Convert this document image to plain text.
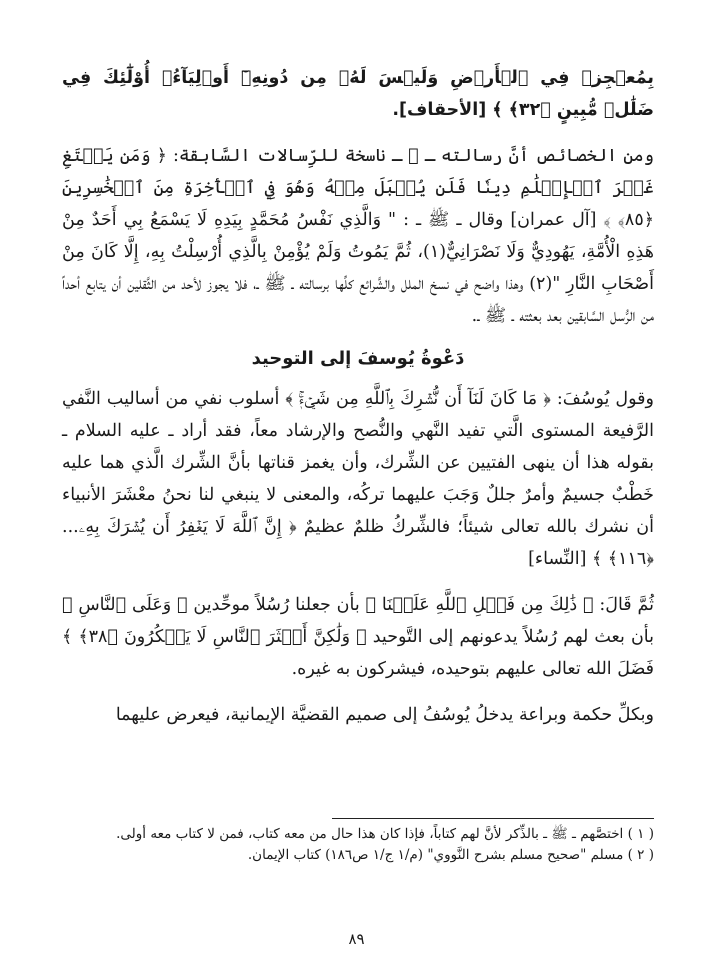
بِمُعۡجِزٖ فِي ٱلۡأَرۡضِ وَلَيۡسَ لَهُۥ مِن دُونِهِۦٓ أَوۡلِيَآءُۚ أُوْلَٰٓئِكَ فِي ضَلَٰلٖ مُّبِينٍ ﴿٣٢﴾ ﴾ [الأحقاف].

ومن الخصائص أنَّ رسالته ـ ﷺ ـ ناسخة للرِّسالات السَّابقة: ﴿ وَمَن يَبۡتَغِ غَيۡرَ ٱلۡإِسۡلَٰمِ دِينٗا فَلَن يُقۡبَلَ مِنۡهُ وَهُوَ فِي ٱلۡأٓخِرَةِ مِنَ ٱلۡخَٰسِرِينَ ﴿٨٥﴾ ﴾ [آل عمران] وقال ـ ﷺ ـ : " وَالَّذِي نَفْسُ مُحَمَّدٍ بِيَدِهِ لَا يَسْمَعُ بِي أَحَدٌ مِنْ هَذِهِ الْأُمَّةِ، يَهُودِيٌّ وَلَا نَصْرَانِيٌّ(١)، ثُمَّ يَمُوتُ وَلَمْ يُؤْمِنْ بِالَّذِي أُرْسِلْتُ بِهِ، إِلَّا كَانَ مِنْ أَصْحَابِ النَّارِ "(٢) وهذا واضح في نسخ الملل والشَّرائع كلِّها برسالته ـ ﷺ ـ، فلا يجوز لأحد من الثَّقلين أن يتابع أحداً من الرُّسل السَّابقين بعد بعثته ـ ﷺ ـ.

دَعْوةُ يُوسفَ إلى التوحيد

وقول يُوسُفَ: ﴿ مَا كَانَ لَنَآ أَن نُّشۡرِكَ بِٱللَّهِ مِن شَيۡءٖۚ ﴾ أسلوب نفي من أساليب النَّفي الرَّفيعة المستوى الَّتي تفيد النَّهي والنُّصح والإرشاد معاً، فقد أراد ـ عليه السلام ـ بقوله هذا أن ينهى الفتيين عن الشِّرك، وأن يغمز قناتها بأنَّ الشِّرك الَّذي هما عليه خَطْبٌ جسيمٌ وأمرٌ جللٌ وَجَبَ عليهما تركُه، والمعنى لا ينبغي لنا نحنُ معْشَرَ الأنبياء أن نشرك بالله تعالى شيئاً؛ فالشِّركُ ظلمٌ عظيمٌ ﴿ إِنَّ ٱللَّهَ لَا يَغۡفِرُ أَن يُشۡرَكَ بِهِۦ... ﴿١١٦﴾ ﴾ [النِّساء]

ثُمَّ قَالَ: ﴿ ذَٰلِكَ مِن فَضۡلِ ٱللَّهِ عَلَيۡنَا ﴾ بأن جعلنا رُسُلاً موحِّدين ﴿ وَعَلَى ٱلنَّاسِ ﴾ بأن بعث لهم رُسُلاً يدعونهم إلى التَّوحيد ﴿ وَلَٰكِنَّ أَكۡثَرَ ٱلنَّاسِ لَا يَشۡكُرُونَ ﴿٣٨﴾ ﴾ فَضَلَ الله تعالى عليهم بتوحيده، فيشركون به غيره.

وبكلِّ حكمة وبراعة يدخلُ يُوسُفُ إلى صميم القضيَّة الإيمانية، فيعرض عليهما

( ١ ) اختصَّهم ـ ﷺ ـ بالذِّكر لأنَّ لهم كتاباً، فإذا كان هذا حال من معه كتاب، فمن لا كتاب معه أولى.

( ٢ ) مسلم "صحيح مسلم بشرح النَّووي" (م/١ ج/١ ص١٨٦) كتاب الإيمان.

٨٩
